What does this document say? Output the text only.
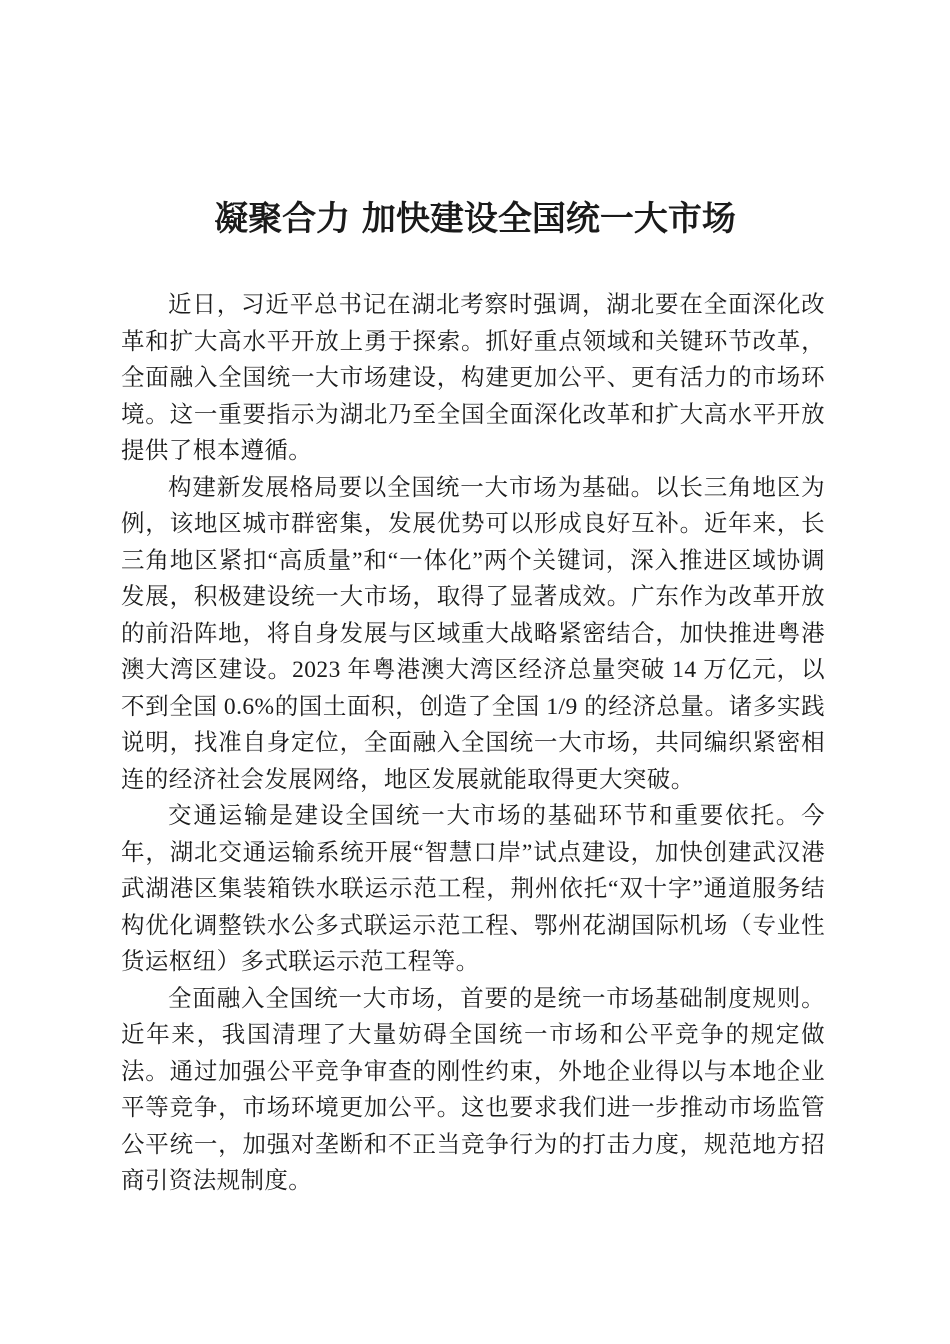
凝聚合力 加快建设全国统一大市场

近日，习近平总书记在湖北考察时强调，湖北要在全面深化改革和扩大高水平开放上勇于探索。抓好重点领域和关键环节改革，全面融入全国统一大市场建设，构建更加公平、更有活力的市场环境。这一重要指示为湖北乃至全国全面深化改革和扩大高水平开放提供了根本遵循。

构建新发展格局要以全国统一大市场为基础。以长三角地区为例，该地区城市群密集，发展优势可以形成良好互补。近年来，长三角地区紧扣“高质量”和“一体化”两个关键词，深入推进区域协调发展，积极建设统一大市场，取得了显著成效。广东作为改革开放的前沿阵地，将自身发展与区域重大战略紧密结合，加快推进粤港澳大湾区建设。2023 年粤港澳大湾区经济总量突破 14 万亿元，以不到全国 0.6%的国土面积，创造了全国 1/9 的经济总量。诸多实践说明，找准自身定位，全面融入全国统一大市场，共同编织紧密相连的经济社会发展网络，地区发展就能取得更大突破。

交通运输是建设全国统一大市场的基础环节和重要依托。今年，湖北交通运输系统开展“智慧口岸”试点建设，加快创建武汉港武湖港区集装箱铁水联运示范工程，荆州依托“双十字”通道服务结构优化调整铁水公多式联运示范工程、鄂州花湖国际机场（专业性货运枢纽）多式联运示范工程等。

全面融入全国统一大市场，首要的是统一市场基础制度规则。近年来，我国清理了大量妨碍全国统一市场和公平竞争的规定做法。通过加强公平竞争审查的刚性约束，外地企业得以与本地企业平等竞争，市场环境更加公平。这也要求我们进一步推动市场监管公平统一，加强对垄断和不正当竞争行为的打击力度，规范地方招商引资法规制度。
